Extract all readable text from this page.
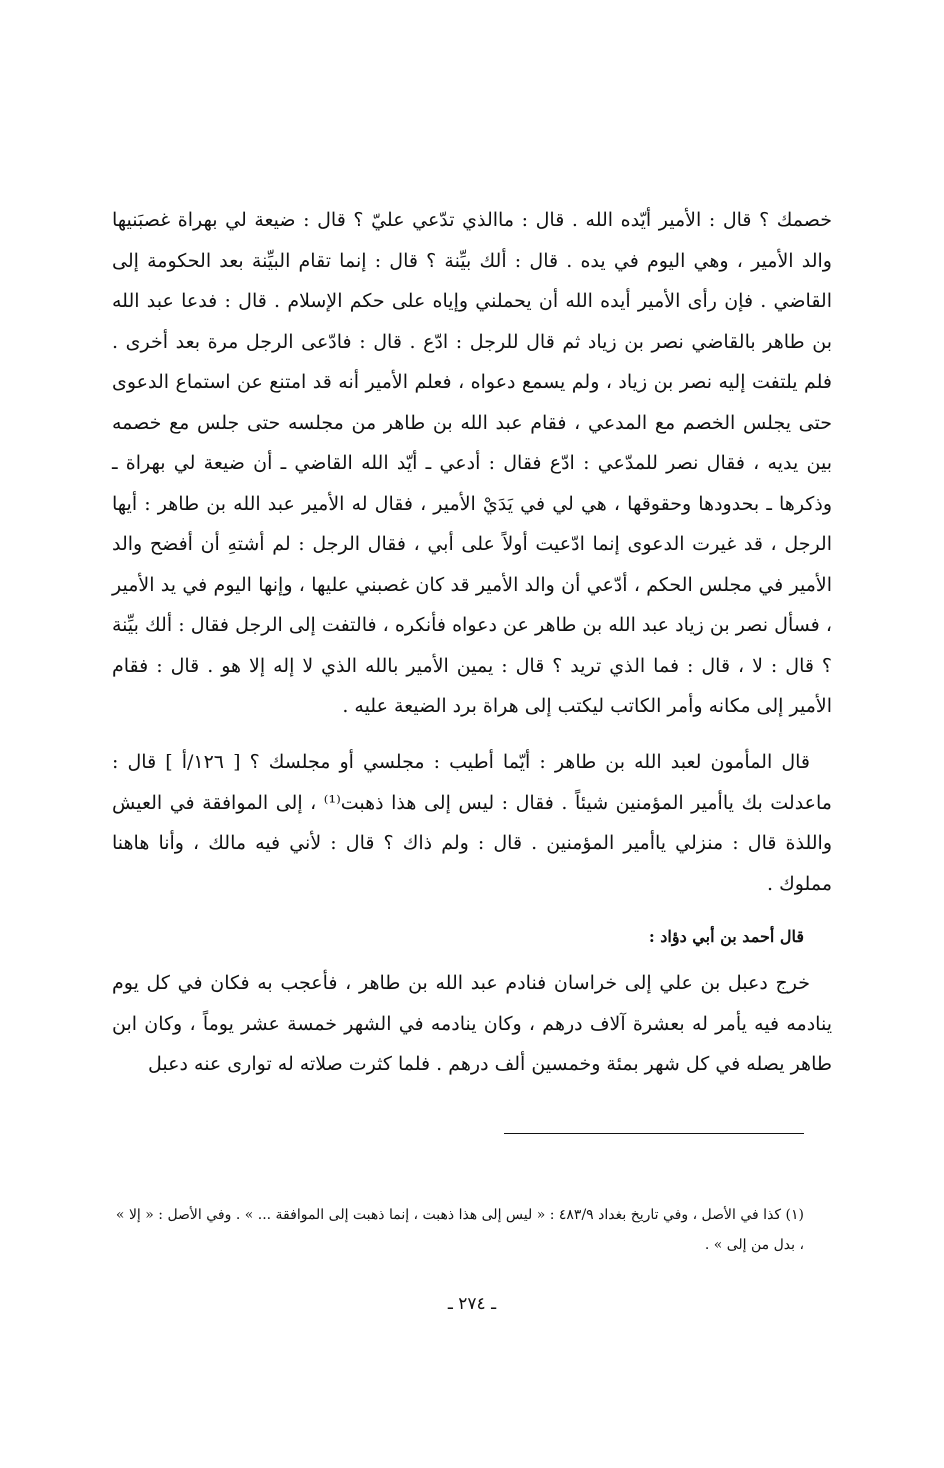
خصمك ؟ قال : الأمير أيّده الله . قال : ماالذي تدّعي عليّ ؟ قال : ضيعة لي بهراة غصبَنيها والد الأمير ، وهي اليوم في يده . قال : ألك بيِّنة ؟ قال : إنما تقام البيِّنة بعد الحكومة إلى القاضي . فإن رأى الأمير أيده الله أن يحملني وإياه على حكم الإسلام . قال : فدعا عبد الله بن طاهر بالقاضي نصر بن زياد ثم قال للرجل : ادّع . قال : فادّعى الرجل مرة بعد أخرى . فلم يلتفت إليه نصر بن زياد ، ولم يسمع دعواه ، فعلم الأمير أنه قد امتنع عن استماع الدعوى حتى يجلس الخصم مع المدعي ، فقام عبد الله بن طاهر من مجلسه حتى جلس مع خصمه بين يديه ، فقال نصر للمدّعي : ادّع فقال : أدعي ـ أيّد الله القاضي ـ أن ضيعة لي بهراة ـ وذكرها ـ بحدودها وحقوقها ، هي لي في يَدَيْ الأمير ، فقال له الأمير عبد الله بن طاهر : أيها الرجل ، قد غيرت الدعوى إنما ادّعيت أولاً على أبي ، فقال الرجل : لم أشتهِ أن أفضح والد الأمير في مجلس الحكم ، أدّعي أن والد الأمير قد كان غصبني عليها ، وإنها اليوم في يد الأمير ، فسأل نصر بن زياد عبد الله بن طاهر عن دعواه فأنكره ، فالتفت إلى الرجل فقال : ألك بيِّنة ؟ قال : لا ، قال : فما الذي تريد ؟ قال : يمين الأمير بالله الذي لا إله إلا هو . قال : فقام الأمير إلى مكانه وأمر الكاتب ليكتب إلى هراة برد الضيعة عليه .

قال المأمون لعبد الله بن طاهر : أيّما أطيب : مجلسي أو مجلسك ؟ [ ١٢٦/أ ] قال : ماعدلت بك ياأمير المؤمنين شيئاً . فقال : ليس إلى هذا ذهبت⁽¹⁾ ، إلى الموافقة في العيش واللذة قال : منزلي ياأمير المؤمنين . قال : ولم ذاك ؟ قال : لأني فيه مالك ، وأنا هاهنا مملوك .

قال أحمد بن أبي دؤاد :

خرج دعبل بن علي إلى خراسان فنادم عبد الله بن طاهر ، فأعجب به فكان في كل يوم ينادمه فيه يأمر له بعشرة آلاف درهم ، وكان ينادمه في الشهر خمسة عشر يوماً ، وكان ابن طاهر يصله في كل شهر بمئة وخمسين ألف درهم . فلما كثرت صلاته له توارى عنه دعبل

(١) كذا في الأصل ، وفي تاريخ بغداد ٤٨٣/٩ : « ليس إلى هذا ذهبت ، إنما ذهبت إلى الموافقة ... » . وفي الأصل : « إلا » ، بدل من إلى » .

ـ ٢٧٤ ـ
